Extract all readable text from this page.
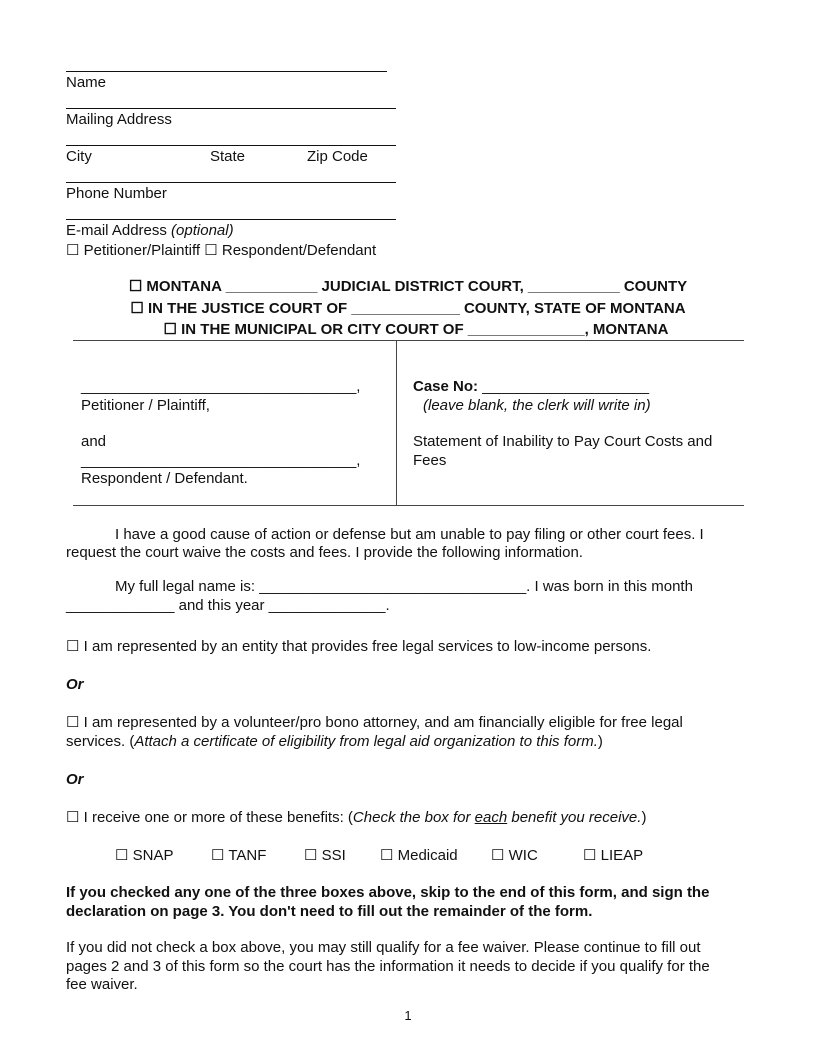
Name
Mailing Address
City	State	Zip Code
Phone Number
E-mail Address (optional)
☐ Petitioner/Plaintiff ☐ Respondent/Defendant
☐ MONTANA ___________ JUDICIAL DISTRICT COURT, ___________ COUNTY
☐ IN THE JUSTICE COURT OF _____________ COUNTY, STATE OF MONTANA
☐ IN THE MUNICIPAL OR CITY COURT OF ______________, MONTANA
_________________________________,
Petitioner / Plaintiff,
and
_________________________________,
Respondent / Defendant.
Case No: ____________________
(leave blank, the clerk will write in)
Statement of Inability to Pay Court Costs and
Fees
I have a good cause of action or defense but am unable to pay filing or other court fees. I
request the court waive the costs and fees. I provide the following information.
My full legal name is: ________________________________. I was born in this month
_____________ and this year ______________.
☐ I am represented by an entity that provides free legal services to low-income persons.
Or
☐ I am represented by a volunteer/pro bono attorney, and am financially eligible for free legal
services. (Attach a certificate of eligibility from legal aid organization to this form.)
Or
☐ I receive one or more of these benefits: (Check the box for each benefit you receive.)
☐ SNAP	☐ TANF	☐ SSI ☐ Medicaid ☐ WIC	☐ LIEAP
If you checked any one of the three boxes above, skip to the end of this form, and sign the
declaration on page 3. You don't need to fill out the remainder of the form.
If you did not check a box above, you may still qualify for a fee waiver. Please continue to fill out
pages 2 and 3 of this form so the court has the information it needs to decide if you qualify for the
fee waiver.
1
